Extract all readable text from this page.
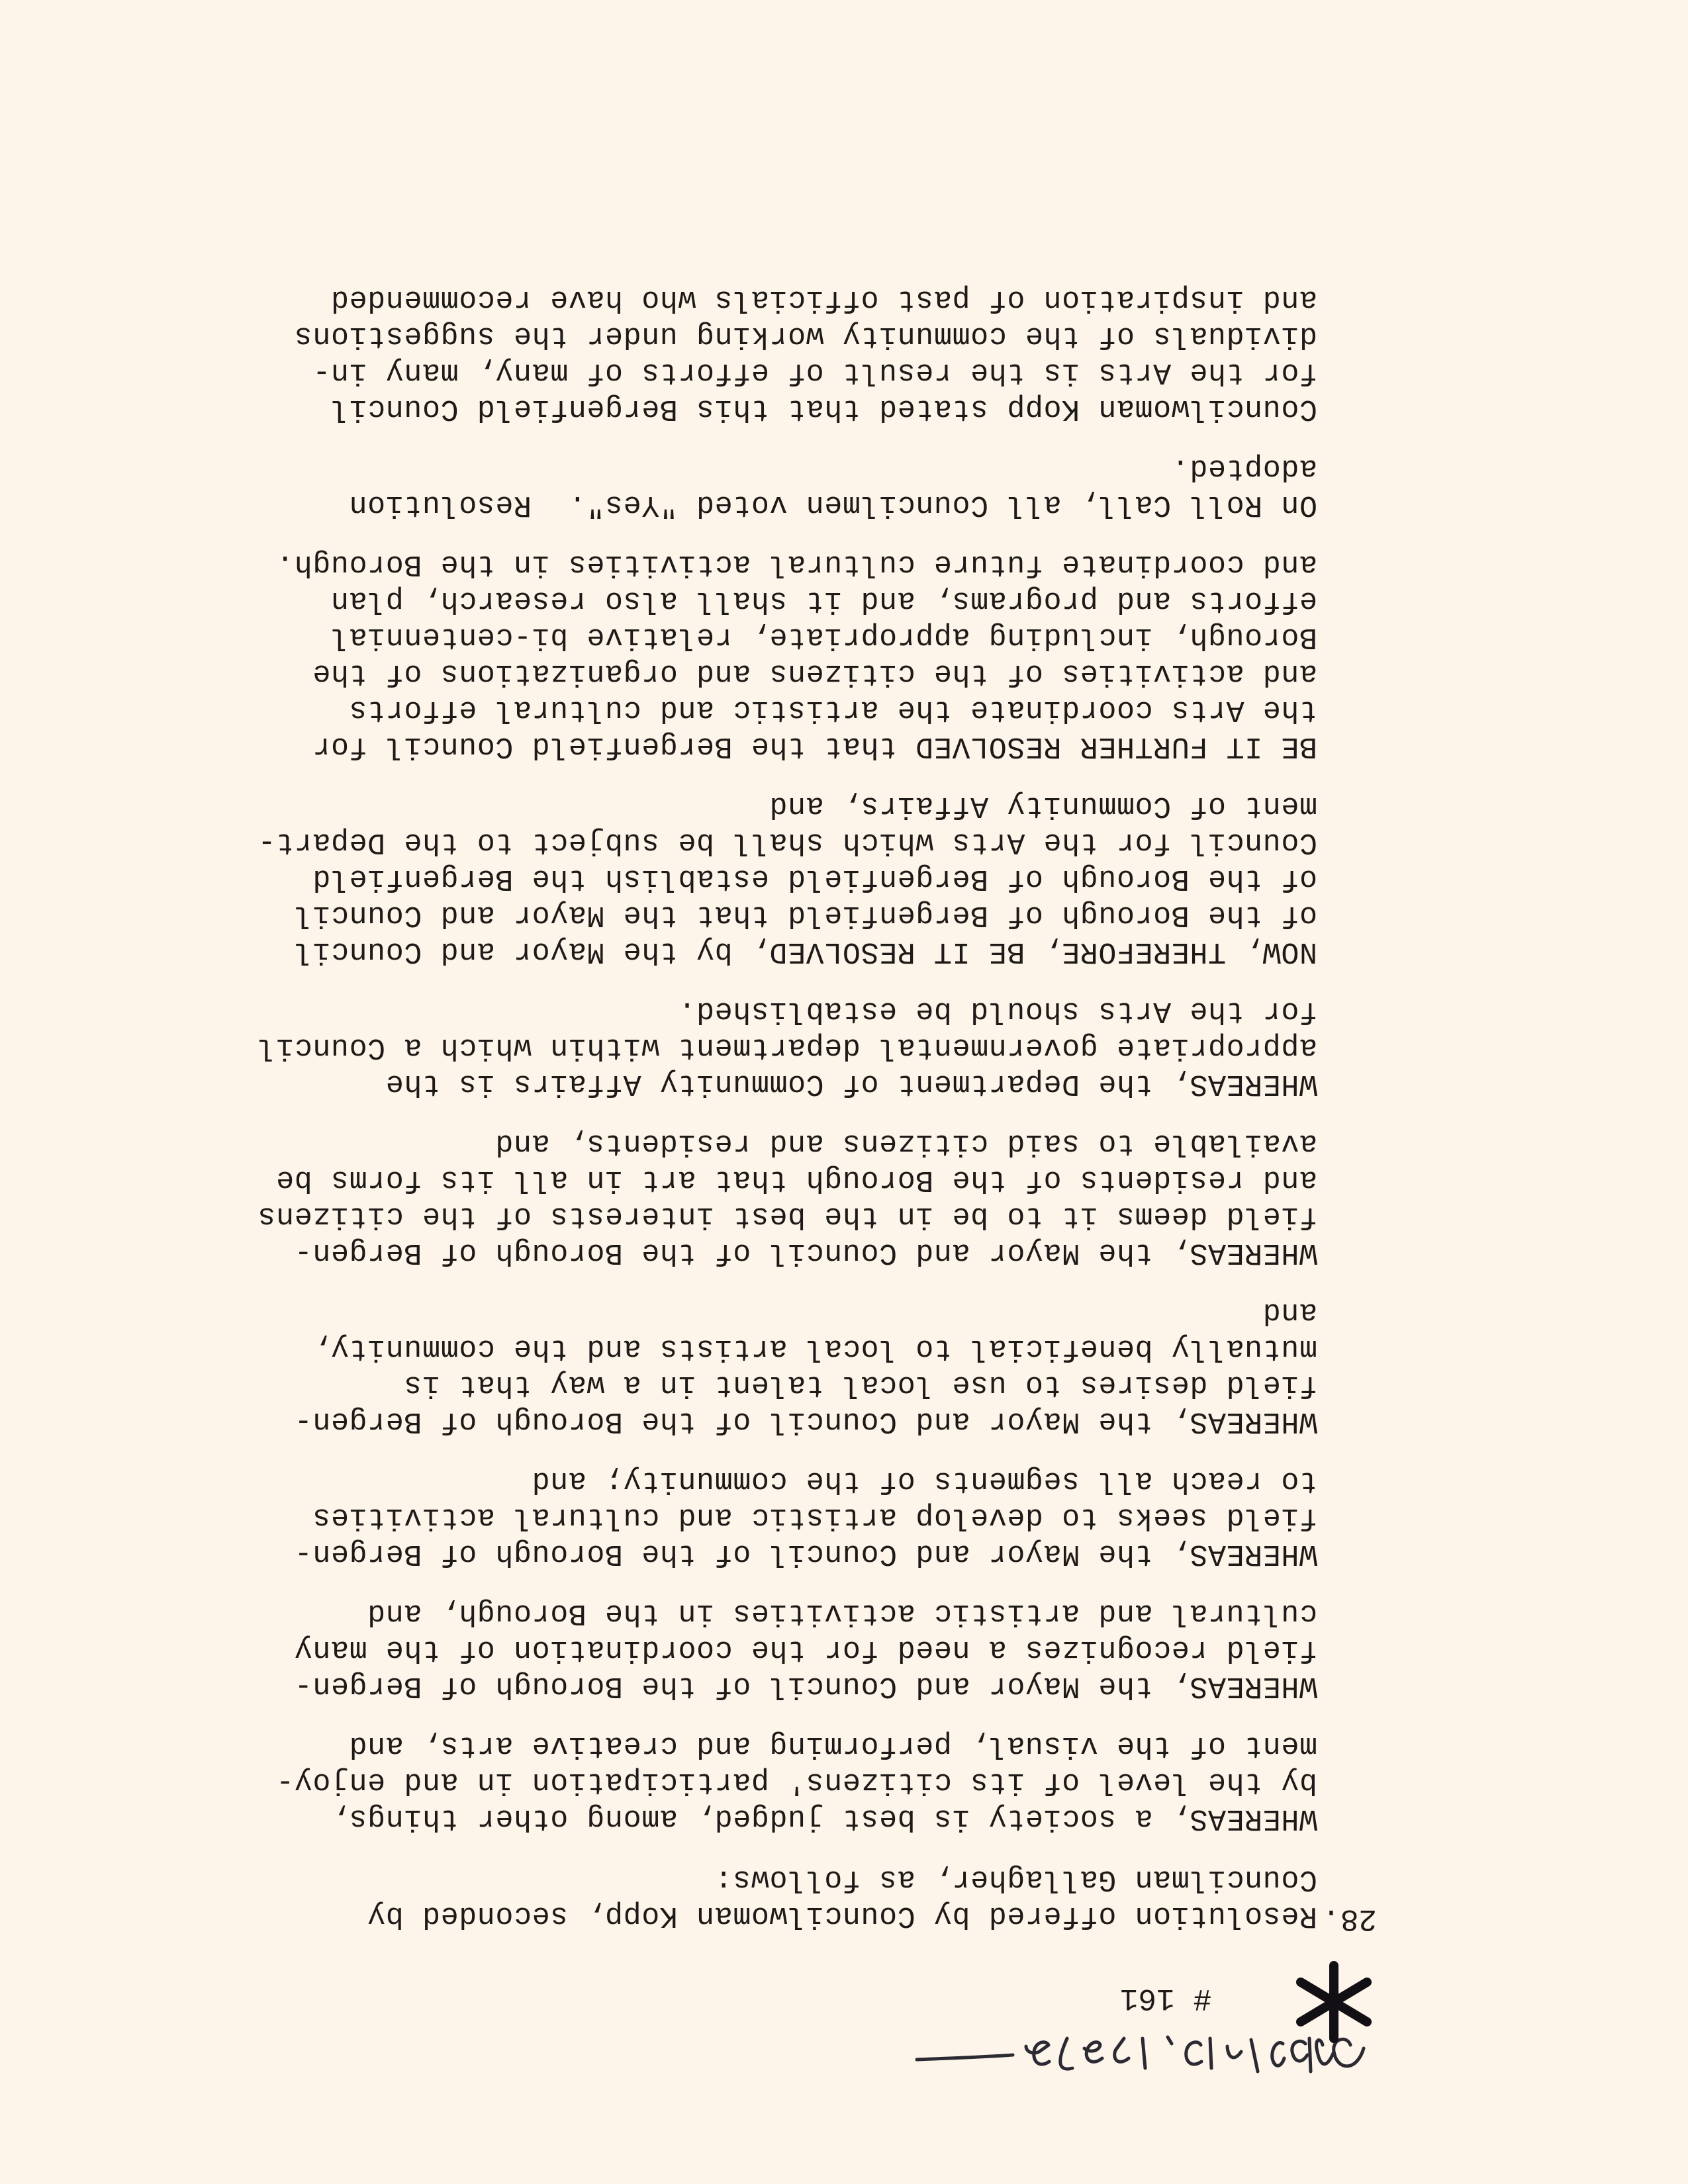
# 161
28.
Resolution offered by Councilwoman Kopp, seconded by
Councilman Gallagher, as follows:
WHEREAS, a society is best judged, among other things,
by the level of its citizens' participation in and enjoy-
ment of the visual, performing and creative arts, and
WHEREAS, the Mayor and Council of the Borough of Bergen-
field recognizes a need for the coordination of the many
cultural and artistic activities in the Borough, and
WHEREAS, the Mayor and Council of the Borough of Bergen-
field seeks to develop artistic and cultural activities
to reach all segments of the community; and
WHEREAS, the Mayor and Council of the Borough of Bergen-
field desires to use local talent in a way that is
mutually beneficial to local artists and the community,
and
WHEREAS, the Mayor and Council of the Borough of Bergen-
field deems it to be in the best interests of the citizens
and residents of the Borough that art in all its forms be
available to said citizens and residents, and
WHEREAS, the Department of Community Affairs is the
appropriate governmental department within which a Council
for the Arts should be established.
NOW, THEREFORE, BE IT RESOLVED, by the Mayor and Council
of the Borough of Bergenfield that the Mayor and Council
of the Borough of Bergenfield establish the Bergenfield
Council for the Arts which shall be subject to the Depart-
ment of Community Affairs, and
BE IT FURTHER RESOLVED that the Bergenfield Council for
the Arts coordinate the artistic and cultural efforts
and activities of the citizens and organizations of the
Borough, including appropriate, relative bi-centennial
efforts and programs, and it shall also research, plan
and coordinate future cultural activities in the Borough.
On Roll Call, all Councilmen voted "Yes".  Resolution
adopted.
Councilwoman Kopp stated that this Bergenfield Council
for the Arts is the result of efforts of many, many in-
dividuals of the community working under the suggestions
and inspiration of past officials who have recommended
